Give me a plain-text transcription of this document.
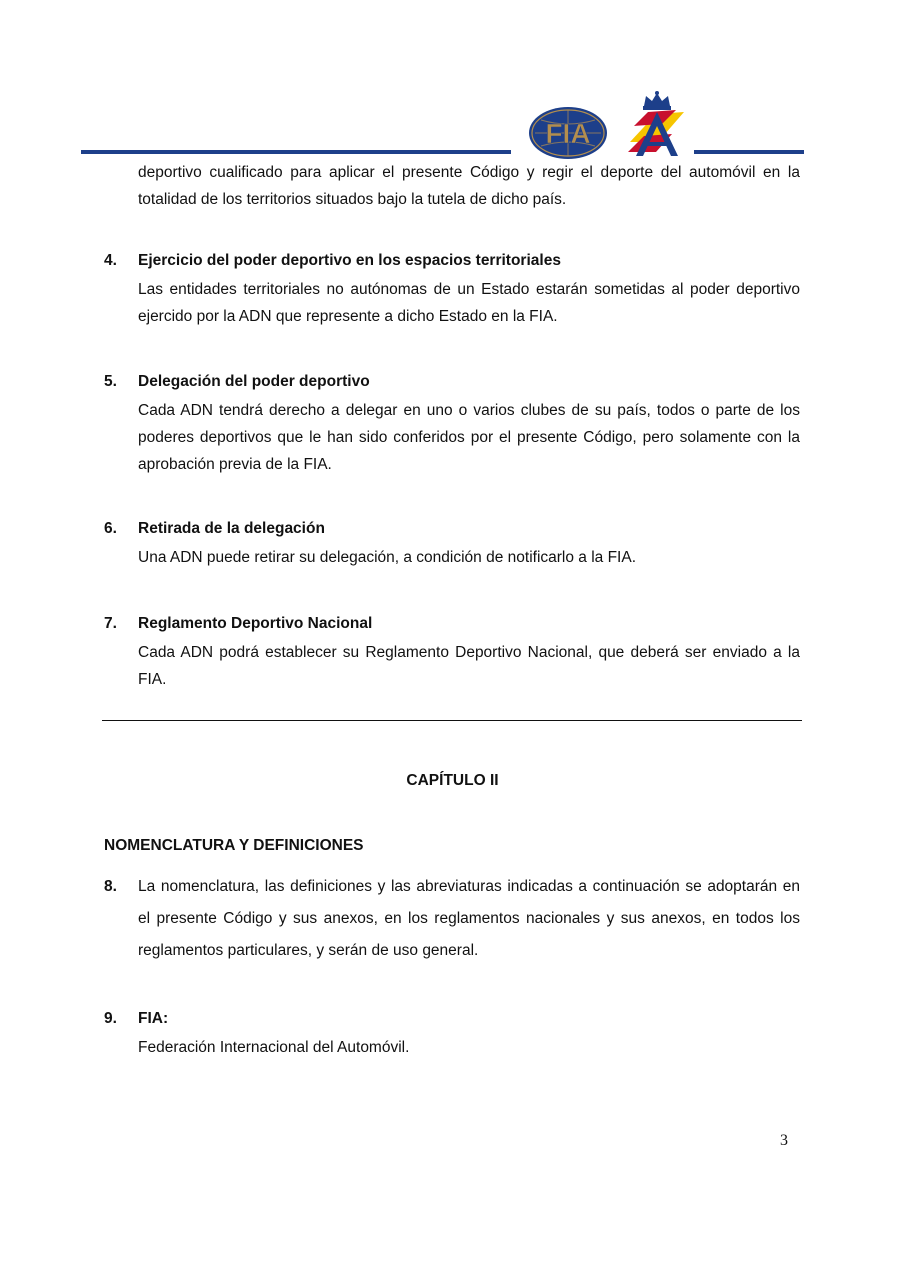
FIA
deportivo cualificado para aplicar el presente Código y regir el deporte del automóvil en la totalidad de los territorios situados bajo la tutela de dicho país.
4. Ejercicio del poder deportivo en los espacios territoriales
Las entidades territoriales no autónomas de un Estado estarán sometidas al poder deportivo ejercido por la ADN que represente a dicho Estado en la FIA.
5. Delegación del poder deportivo
Cada ADN tendrá derecho a delegar en uno o varios clubes de su país, todos o parte de los poderes deportivos que le han sido conferidos por el presente Código, pero solamente con la aprobación previa de la FIA.
6. Retirada de la delegación
Una ADN puede retirar su delegación, a condición de notificarlo a la FIA.
7. Reglamento Deportivo Nacional
Cada ADN podrá establecer su Reglamento Deportivo Nacional, que deberá ser enviado a la FIA.
CAPÍTULO II
NOMENCLATURA Y DEFINICIONES
8. La nomenclatura, las definiciones y las abreviaturas indicadas a continuación se adoptarán en el presente Código y sus anexos, en los reglamentos nacionales y sus anexos, en todos los reglamentos particulares, y serán de uso general.
9. FIA:
Federación Internacional del Automóvil.
3
